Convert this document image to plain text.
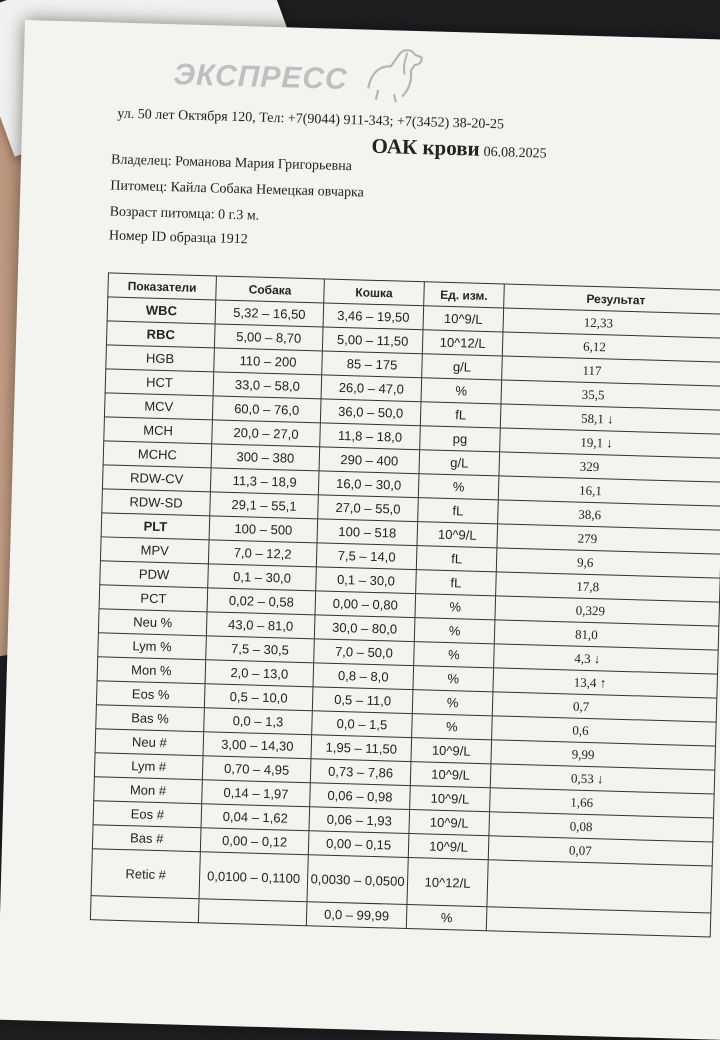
ЭКСПРЕСС
ул. 50 лет Октября 120, Тел: +7(9044) 911-343; +7(3452) 38-20-25
ОАК крови 06.08.2025
Владелец: Романова Мария Григорьевна
Питомец: Кайла Собака Немецкая овчарка
Возраст питомца: 0 г.3 м.
Номер ID образца 1912
Показатели	Собака	Кошка	Ед. изм.	Результат
WBC	5,32 – 16,50	3,46 – 19,50	10^9/L	12,33
RBC	5,00 – 8,70	5,00 – 11,50	10^12/L	6,12
HGB	110 – 200	85 – 175	g/L	117
HCT	33,0 – 58,0	26,0 – 47,0	%	35,5
MCV	60,0 – 76,0	36,0 – 50,0	fL	58,1 ↓
MCH	20,0 – 27,0	11,8 – 18,0	pg	19,1 ↓
MCHC	300 – 380	290 – 400	g/L	329
RDW-CV	11,3 – 18,9	16,0 – 30,0	%	16,1
RDW-SD	29,1 – 55,1	27,0 – 55,0	fL	38,6
PLT	100 – 500	100 – 518	10^9/L	279
MPV	7,0 – 12,2	7,5 – 14,0	fL	9,6
PDW	0,1 – 30,0	0,1 – 30,0	fL	17,8
PCT	0,02 – 0,58	0,00 – 0,80	%	0,329
Neu %	43,0 – 81,0	30,0 – 80,0	%	81,0
Lym %	7,5 – 30,5	7,0 – 50,0	%	4,3 ↓
Mon %	2,0 – 13,0	0,8 – 8,0	%	13,4 ↑
Eos %	0,5 – 10,0	0,5 – 11,0	%	0,7
Bas %	0,0 – 1,3	0,0 – 1,5	%	0,6
Neu #	3,00 – 14,30	1,95 – 11,50	10^9/L	9,99
Lym #	0,70 – 4,95	0,73 – 7,86	10^9/L	0,53 ↓
Mon #	0,14 – 1,97	0,06 – 0,98	10^9/L	1,66
Eos #	0,04 – 1,62	0,06 – 1,93	10^9/L	0,08
Bas #	0,00 – 0,12	0,00 – 0,15	10^9/L	0,07
Retic #	0,0100 – 0,1100	0,0030 – 0,0500	10^12/L	
		0,0 – 99,99	%	
